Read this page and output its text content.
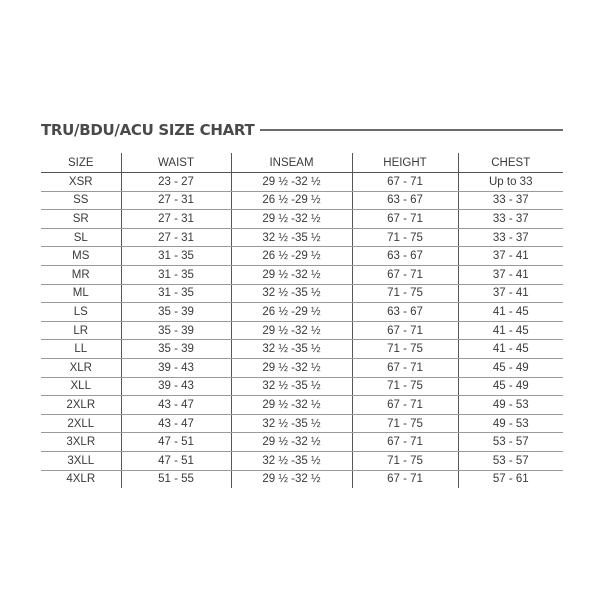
TRU/BDU/ACU SIZE CHART
SIZE	WAIST	INSEAM	HEIGHT	CHEST
XSR	23 - 27	29 ½ -32 ½	67 - 71	Up to 33
SS	27 - 31	26 ½ -29 ½	63 - 67	33 - 37
SR	27 - 31	29 ½ -32 ½	67 - 71	33 - 37
SL	27 - 31	32 ½ -35 ½	71 - 75	33 - 37
MS	31 - 35	26 ½ -29 ½	63 - 67	37 - 41
MR	31 - 35	29 ½ -32 ½	67 - 71	37 - 41
ML	31 - 35	32 ½ -35 ½	71 - 75	37 - 41
LS	35 - 39	26 ½ -29 ½	63 - 67	41 - 45
LR	35 - 39	29 ½ -32 ½	67 - 71	41 - 45
LL	35 - 39	32 ½ -35 ½	71 - 75	41 - 45
XLR	39 - 43	29 ½ -32 ½	67 - 71	45 - 49
XLL	39 - 43	32 ½ -35 ½	71 - 75	45 - 49
2XLR	43 - 47	29 ½ -32 ½	67 - 71	49 - 53
2XLL	43 - 47	32 ½ -35 ½	71 - 75	49 - 53
3XLR	47 - 51	29 ½ -32 ½	67 - 71	53 - 57
3XLL	47 - 51	32 ½ -35 ½	71 - 75	53 - 57
4XLR	51 - 55	29 ½ -32 ½	67 - 71	57 - 61
